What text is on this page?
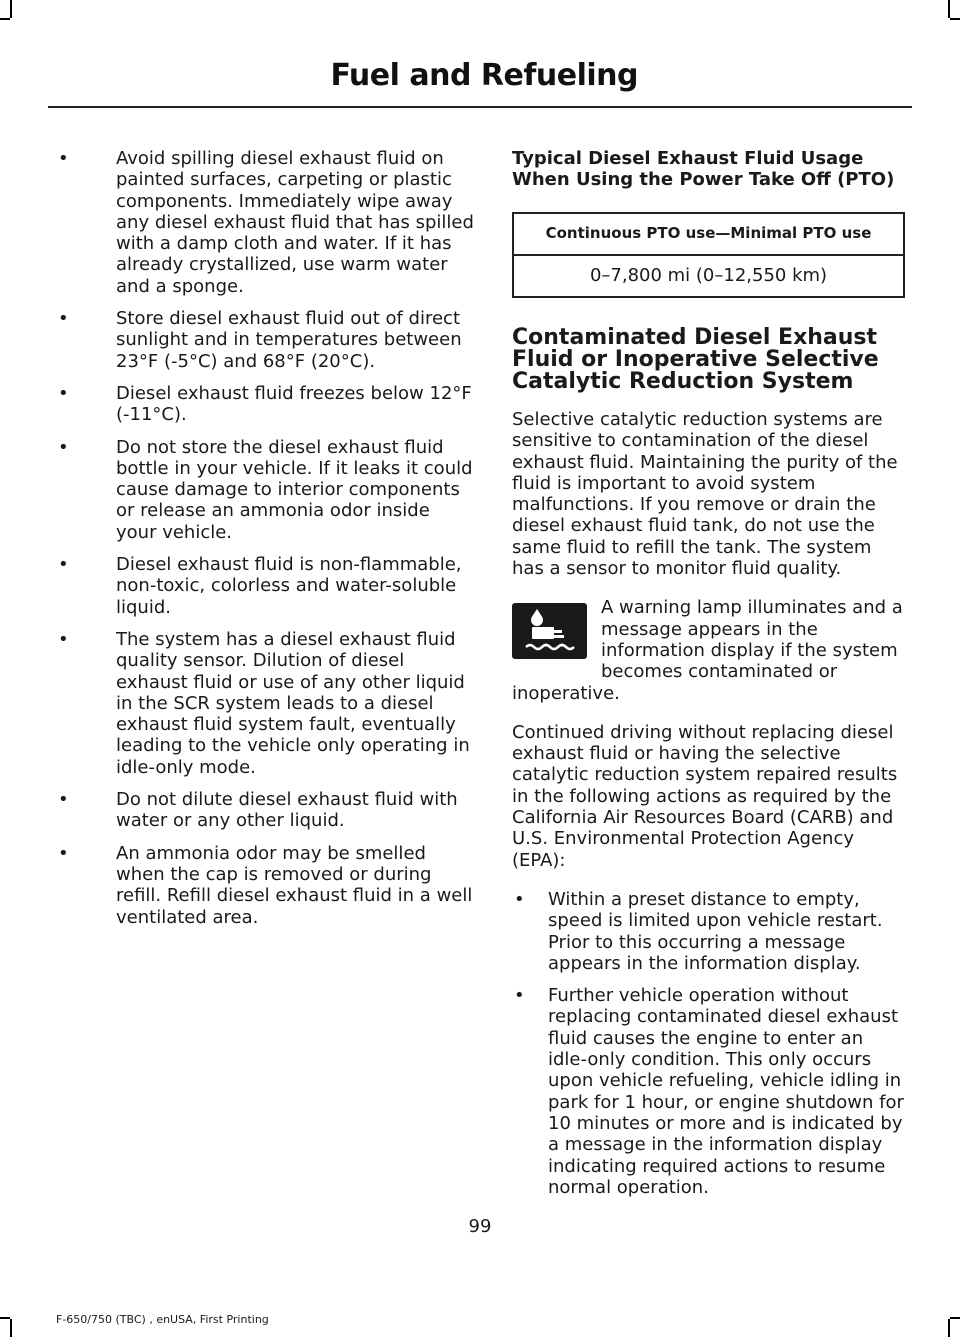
Fuel and Refueling
• Avoid spilling diesel exhaust fluid on painted surfaces, carpeting or plastic components. Immediately wipe away any diesel exhaust fluid that has spilled with a damp cloth and water. If it has already crystallized, use warm water and a sponge.
• Store diesel exhaust fluid out of direct sunlight and in temperatures between 23°F (-5°C) and 68°F (20°C).
• Diesel exhaust fluid freezes below 12°F (-11°C).
• Do not store the diesel exhaust fluid bottle in your vehicle. If it leaks it could cause damage to interior components or release an ammonia odor inside your vehicle.
• Diesel exhaust fluid is non-flammable, non-toxic, colorless and water-soluble liquid.
• The system has a diesel exhaust fluid quality sensor. Dilution of diesel exhaust fluid or use of any other liquid in the SCR system leads to a diesel exhaust fluid system fault, eventually leading to the vehicle only operating in idle-only mode.
• Do not dilute diesel exhaust fluid with water or any other liquid.
• An ammonia odor may be smelled when the cap is removed or during refill. Refill diesel exhaust fluid in a well ventilated area.
Typical Diesel Exhaust Fluid Usage When Using the Power Take Off (PTO)
Continuous PTO use—Minimal PTO use
0–7,800 mi (0–12,550 km)
Contaminated Diesel Exhaust Fluid or Inoperative Selective Catalytic Reduction System

Selective catalytic reduction systems are sensitive to contamination of the diesel exhaust fluid. Maintaining the purity of the fluid is important to avoid system malfunctions. If you remove or drain the diesel exhaust fluid tank, do not use the same fluid to refill the tank. The system has a sensor to monitor fluid quality.

A warning lamp illuminates and a message appears in the information display if the system becomes contaminated or inoperative.

Continued driving without replacing diesel exhaust fluid or having the selective catalytic reduction system repaired results in the following actions as required by the California Air Resources Board (CARB) and U.S. Environmental Protection Agency (EPA):

• Within a preset distance to empty, speed is limited upon vehicle restart. Prior to this occurring a message appears in the information display.
• Further vehicle operation without replacing contaminated diesel exhaust fluid causes the engine to enter an idle-only condition. This only occurs upon vehicle refueling, vehicle idling in park for 1 hour, or engine shutdown for 10 minutes or more and is indicated by a message in the information display indicating required actions to resume normal operation.
99
F-650/750 (TBC) , enUSA, First Printing
